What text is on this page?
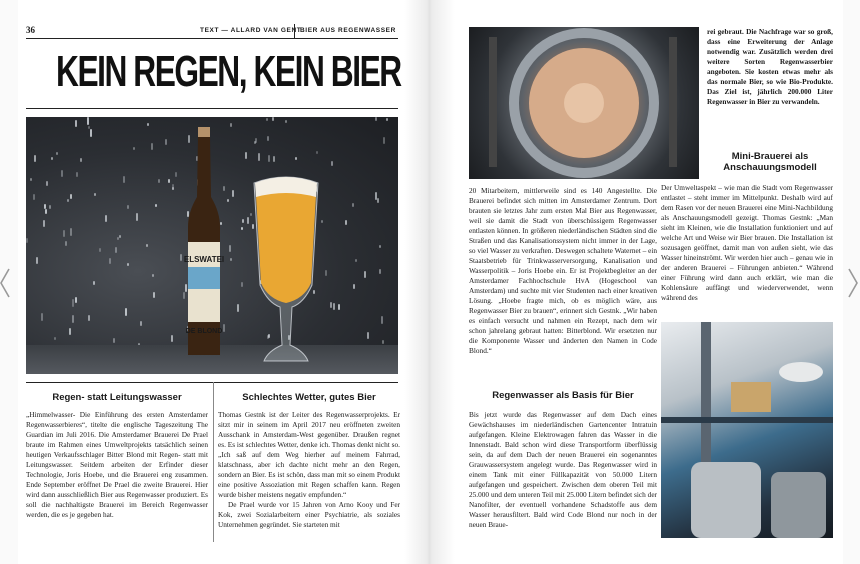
36	TEXT — ALLARD VAN GENT
BIER AUS REGENWASSER
KEIN REGEN, KEIN BIER
ELSWATEI
DE BLOND
Regen- statt Leitungswasser

„Himmelwasser- Die Einführung des ersten Amsterdamer Regenwasserbieres“, titelte die englische Tageszeitung The Guardian im Juli 2016. Die Amsterdamer Brauerei De Prael braute im Rahmen eines Umweltprojekts tatsächlich seinen heutigen Verkaufsschlager Bitter Blond mit Regen- statt mit Leitungswasser. Seitdem arbeiten der Erfinder dieser Technologie, Joris Hoebe, und die Brauerei eng zusammen. Ende September eröffnet De Prael die zweite Brauerei. Hier wird dann ausschließlich Bier aus Regenwasser produziert. Es soll die nachhaltigste Brauerei im Bereich Regenwasser werden, die es je gegeben hat.

Schlechtes Wetter, gutes Bier

Thomas Gestnk ist der Leiter des Regenwasserprojekts. Er sitzt mir in seinem im April 2017 neu eröffneten zweiten Ausschank in Amsterdam-West gegenüber. Draußen regnet es. Es ist schlechtes Wetter, denke ich. Thomas denkt nicht so. „Ich saß auf dem Weg hierher auf meinem Fahrrad, klatschnass, aber ich dachte nicht mehr an den Regen, sondern an Bier. Es ist schön, dass man mit so einem Produkt eine positive Assoziation mit Regen schaffen kann. Regen wurde bisher meistens negativ empfunden.“

De Prael wurde vor 15 Jahren von Arno Kooy und Fer Kok, zwei Sozialarbeitern einer Psychiatrie, als soziales Unternehmen gegründet. Sie starteten mit

20 Mitarbeitern, mittlerweile sind es 140 Angestellte. Die Brauerei befindet sich mitten im Amsterdamer Zentrum. Dort brauten sie letztes Jahr zum ersten Mal Bier aus Regenwasser, weil sie damit die Stadt von überschüssigem Regenwasser entlasten können. In größeren niederländischen Städten sind die Straßen und das Kanalisationssystem nicht immer in der Lage, so viel Wasser zu verkraften. Deswegen schaltete Waternet – ein Staatsbetrieb für Trinkwasserversorgung, Kanalisation und Wasserpolitik – Joris Hoebe ein. Er ist Projektbegleiter an der Amsterdamer Fachhochschule HvA (Hogeschool van Amsterdam) und suchte mit vier Studenten nach einer kreativen Lösung. „Hoebe fragte mich, ob es möglich wäre, aus Regenwasser Bier zu brauen“, erinnert sich Gestnk. „Wir haben es einfach versucht und nahmen ein Rezept, nach dem wir schon jahrelang gebraut hatten: Bitterblond. Wir ersetzten nur die Komponente Wasser und änderten den Namen in Code Blond.“

Regenwasser als Basis für Bier

Bis jetzt wurde das Regenwasser auf dem Dach eines Gewächshauses im niederländischen Gartencenter Intratuin aufgefangen. Kleine Elektrowagen fahren das Wasser in die Innenstadt. Bald schon wird diese Transportform überflüssig sein, da auf dem Dach der neuen Brauerei ein sogenanntes Grauwassersystem angelegt wurde. Das Regenwasser wird in einem Tank mit einer Füllkapazität von 50.000 Litern aufgefangen und gespeichert. Zwischen dem oberen Teil mit 25.000 und dem unteren Teil mit 25.000 Litern befindet sich der Nanofilter, der eventuell vorhandene Schadstoffe aus dem Wasser herausfiltert. Bald wird Code Blond nur noch in der neuen Braue-

rei gebraut. Die Nachfrage war so groß, dass eine Erweiterung der Anlage notwendig war. Zusätzlich werden drei weitere Sorten Regenwasserbier angeboten. Sie kosten etwas mehr als das normale Bier, so wie Bio-Produkte. Das Ziel ist, jährlich 200.000 Liter Regenwasser in Bier zu verwandeln.

Mini-Brauerei als Anschauungsmodell

Der Umweltaspekt – wie man die Stadt vom Regenwasser entlastet – steht immer im Mittelpunkt. Deshalb wird auf dem Rasen vor der neuen Brauerei eine Mini-Nachbildung als Anschauungsmodell gezeigt. Thomas Gestnk: „Man sieht im Kleinen, wie die Installation funktioniert und auf welche Art und Weise wir Bier brauen. Die Installation ist sozusagen geöffnet, damit man von außen sieht, wie das Wasser hineinströmt. Wir werden hier auch – genau wie in der anderen Brauerei – Führungen anbieten.“ Während einer Führung wird dann auch erklärt, wie man die Kohlensäure auffängt und wiederverwendet, wenn während des
